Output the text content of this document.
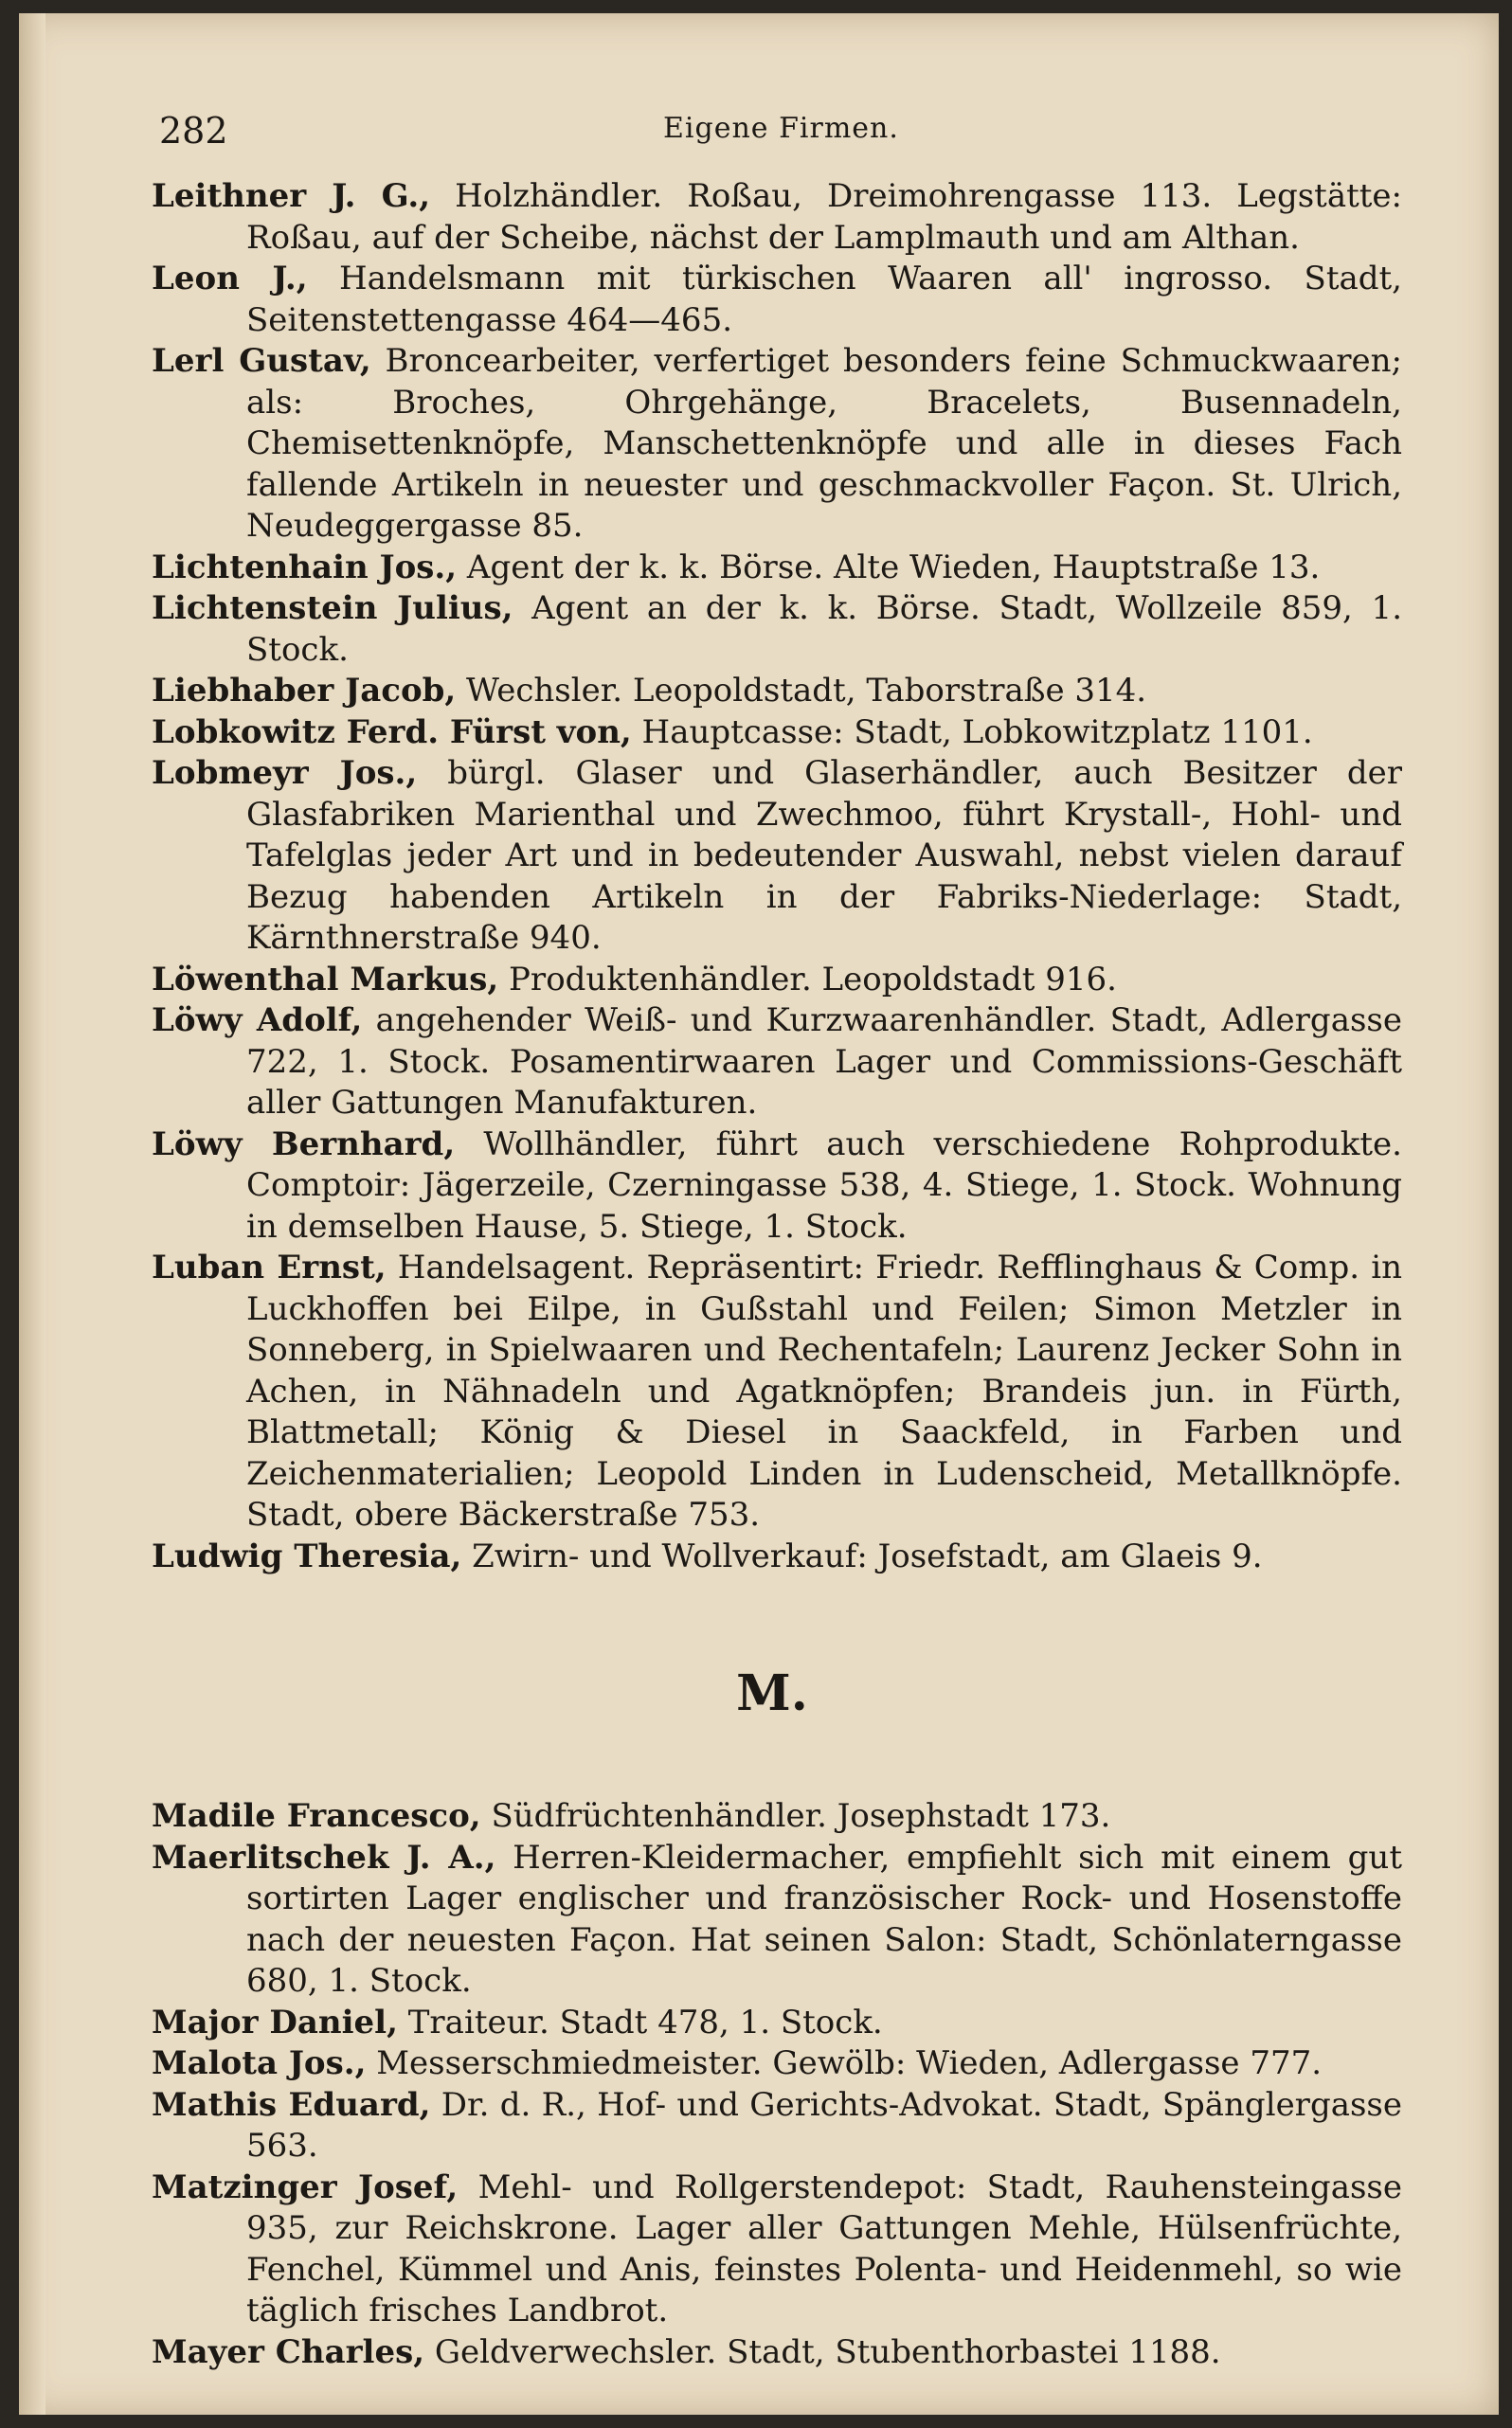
282	Eigene Firmen.

Leithner J. G., Holzhändler. Roßau, Dreimohrengasse 113. Legstätte: Roßau, auf der Scheibe, nächst der Lamplmauth und am Althan.

Leon J., Handelsmann mit türkischen Waaren all' ingrosso. Stadt, Seitenstettengasse 464—465.

Lerl Gustav, Broncearbeiter, verfertiget besonders feine Schmuckwaaren; als: Broches, Ohrgehänge, Bracelets, Busennadeln, Chemisettenknöpfe, Manschettenknöpfe und alle in dieses Fach fallende Artikeln in neuester und geschmackvoller Façon. St. Ulrich, Neudeggergasse 85.

Lichtenhain Jos., Agent der k. k. Börse. Alte Wieden, Hauptstraße 13.

Lichtenstein Julius, Agent an der k. k. Börse. Stadt, Wollzeile 859, 1. Stock.

Liebhaber Jacob, Wechsler. Leopoldstadt, Taborstraße 314.

Lobkowitz Ferd. Fürst von, Hauptcasse: Stadt, Lobkowitzplatz 1101.

Lobmeyr Jos., bürgl. Glaser und Glaserhändler, auch Besitzer der Glasfabriken Marienthal und Zwechmoo, führt Krystall-, Hohl- und Tafelglas jeder Art und in bedeutender Auswahl, nebst vielen darauf Bezug habenden Artikeln in der Fabriks-Niederlage: Stadt, Kärnthnerstraße 940.

Löwenthal Markus, Produktenhändler. Leopoldstadt 916.

Löwy Adolf, angehender Weiß- und Kurzwaarenhändler. Stadt, Adlergasse 722, 1. Stock. Posamentirwaaren Lager und Commissions-Geschäft aller Gattungen Manufakturen.

Löwy Bernhard, Wollhändler, führt auch verschiedene Rohprodukte. Comptoir: Jägerzeile, Czerningasse 538, 4. Stiege, 1. Stock. Wohnung in demselben Hause, 5. Stiege, 1. Stock.

Luban Ernst, Handelsagent. Repräsentirt: Friedr. Refflinghaus & Comp. in Luckhoffen bei Eilpe, in Gußstahl und Feilen; Simon Metzler in Sonneberg, in Spielwaaren und Rechentafeln; Laurenz Jecker Sohn in Achen, in Nähnadeln und Agatknöpfen; Brandeis jun. in Fürth, Blattmetall; König & Diesel in Saackfeld, in Farben und Zeichenmaterialien; Leopold Linden in Ludenscheid, Metallknöpfe. Stadt, obere Bäckerstraße 753.

Ludwig Theresia, Zwirn- und Wollverkauf: Josefstadt, am Glaeis 9.

M.

Madile Francesco, Südfrüchtenhändler. Josephstadt 173.

Maerlitschek J. A., Herren-Kleidermacher, empfiehlt sich mit einem gut sortirten Lager englischer und französischer Rock- und Hosenstoffe nach der neuesten Façon. Hat seinen Salon: Stadt, Schönlaterngasse 680, 1. Stock.

Major Daniel, Traiteur. Stadt 478, 1. Stock.

Malota Jos., Messerschmiedmeister. Gewölb: Wieden, Adlergasse 777.

Mathis Eduard, Dr. d. R., Hof- und Gerichts-Advokat. Stadt, Spänglergasse 563.

Matzinger Josef, Mehl- und Rollgerstendepot: Stadt, Rauhensteingasse 935, zur Reichskrone. Lager aller Gattungen Mehle, Hülsenfrüchte, Fenchel, Kümmel und Anis, feinstes Polenta- und Heidenmehl, so wie täglich frisches Landbrot.

Mayer Charles, Geldverwechsler. Stadt, Stubenthorbastei 1188.
